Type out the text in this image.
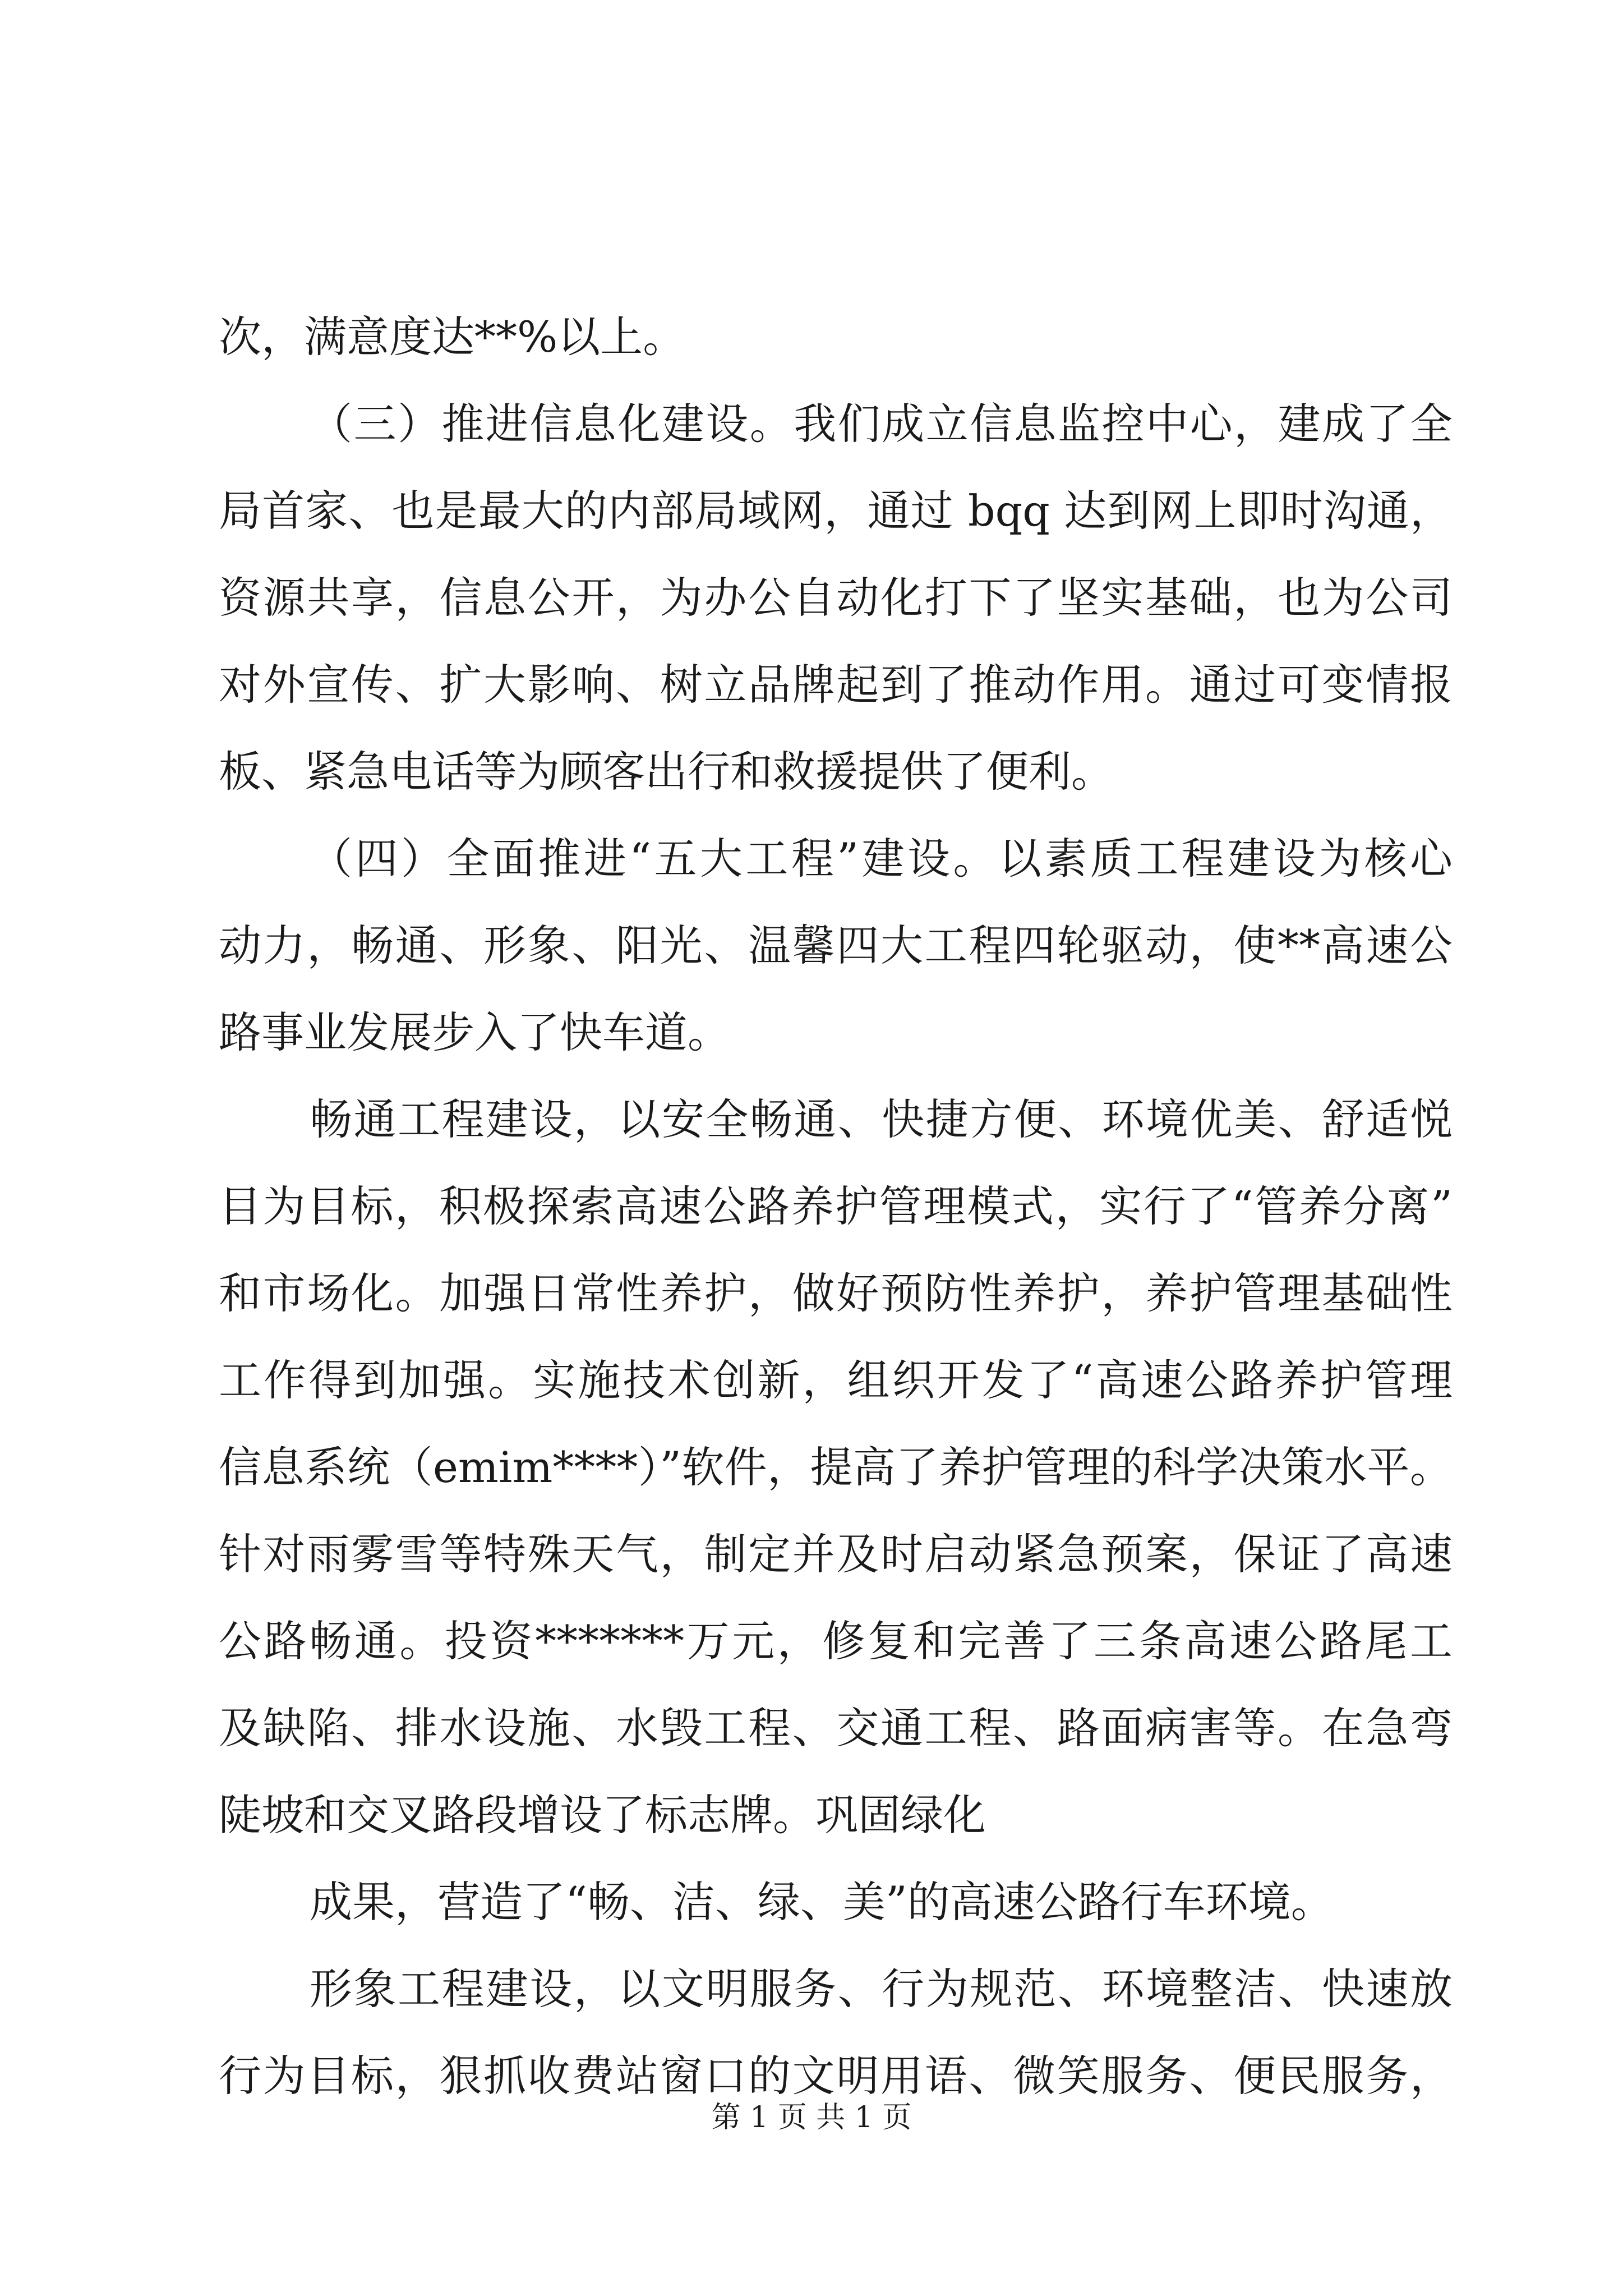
次，满意度达**%以上。
（三）推进信息化建设。我们成立信息监控中心，建成了全
局首家、也是最大的内部局域网，通过 bqq 达到网上即时沟通，
资源共享，信息公开，为办公自动化打下了坚实基础，也为公司
对外宣传、扩大影响、树立品牌起到了推动作用。通过可变情报
板、紧急电话等为顾客出行和救援提供了便利。
（四）全面推进“五大工程”建设。以素质工程建设为核心
动力，畅通、形象、阳光、温馨四大工程四轮驱动，使**高速公
路事业发展步入了快车道。
畅通工程建设，以安全畅通、快捷方便、环境优美、舒适悦
目为目标，积极探索高速公路养护管理模式，实行了“管养分离”
和市场化。加强日常性养护，做好预防性养护，养护管理基础性
工作得到加强。实施技术创新，组织开发了“高速公路养护管理
信息系统（emim****）”软件，提高了养护管理的科学决策水平。
针对雨雾雪等特殊天气，制定并及时启动紧急预案，保证了高速
公路畅通。投资*******万元，修复和完善了三条高速公路尾工
及缺陷、排水设施、水毁工程、交通工程、路面病害等。在急弯
陡坡和交叉路段增设了标志牌。巩固绿化
成果，营造了“畅、洁、绿、美”的高速公路行车环境。
形象工程建设，以文明服务、行为规范、环境整洁、快速放
行为目标，狠抓收费站窗口的文明用语、微笑服务、便民服务，
第 1 页 共 1 页
